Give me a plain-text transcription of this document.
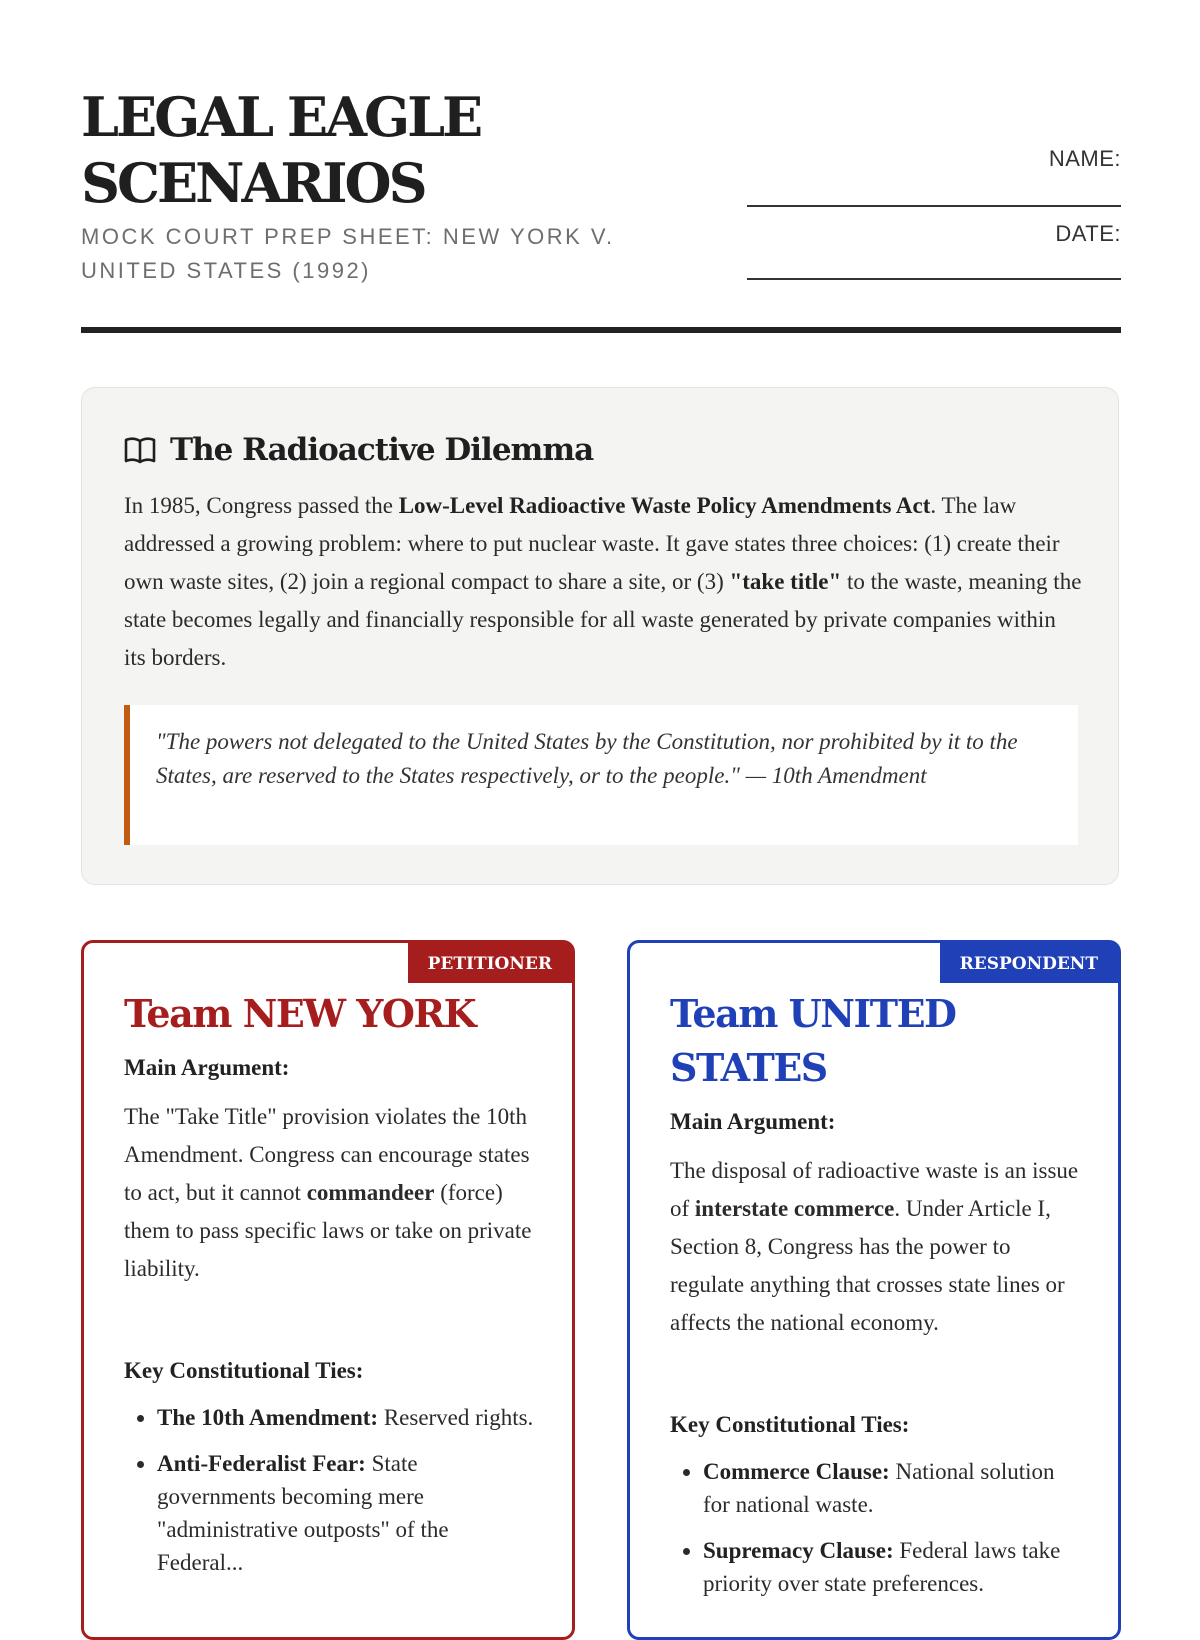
LEGAL EAGLE
SCENARIOS

MOCK COURT PREP SHEET: NEW YORK V. UNITED STATES (1992)

NAME:
DATE:
The Radioactive Dilemma

In 1985, Congress passed the Low-Level Radioactive Waste Policy Amendments Act. The law addressed a growing problem: where to put nuclear waste. It gave states three choices: (1) create their own waste sites, (2) join a regional compact to share a site, or (3) "take title" to the waste, meaning the state becomes legally and financially responsible for all waste generated by private companies within its borders.

"The powers not delegated to the United States by the Constitution, nor prohibited by it to the States, are reserved to the States respectively, or to the people." — 10th Amendment
PETITIONER
Team NEW YORK

Main Argument:

The "Take Title" provision violates the 10th Amendment. Congress can encourage states to act, but it cannot commandeer (force) them to pass specific laws or take on private liability.

Key Constitutional Ties:

• The 10th Amendment: Reserved rights.
• Anti-Federalist Fear: State governments becoming mere "administrative outposts" of the Federal...
RESPONDENT
Team UNITED STATES

Main Argument:

The disposal of radioactive waste is an issue of interstate commerce. Under Article I, Section 8, Congress has the power to regulate anything that crosses state lines or affects the national economy.

Key Constitutional Ties:

• Commerce Clause: National solution for national waste.
• Supremacy Clause: Federal laws take priority over state preferences.
